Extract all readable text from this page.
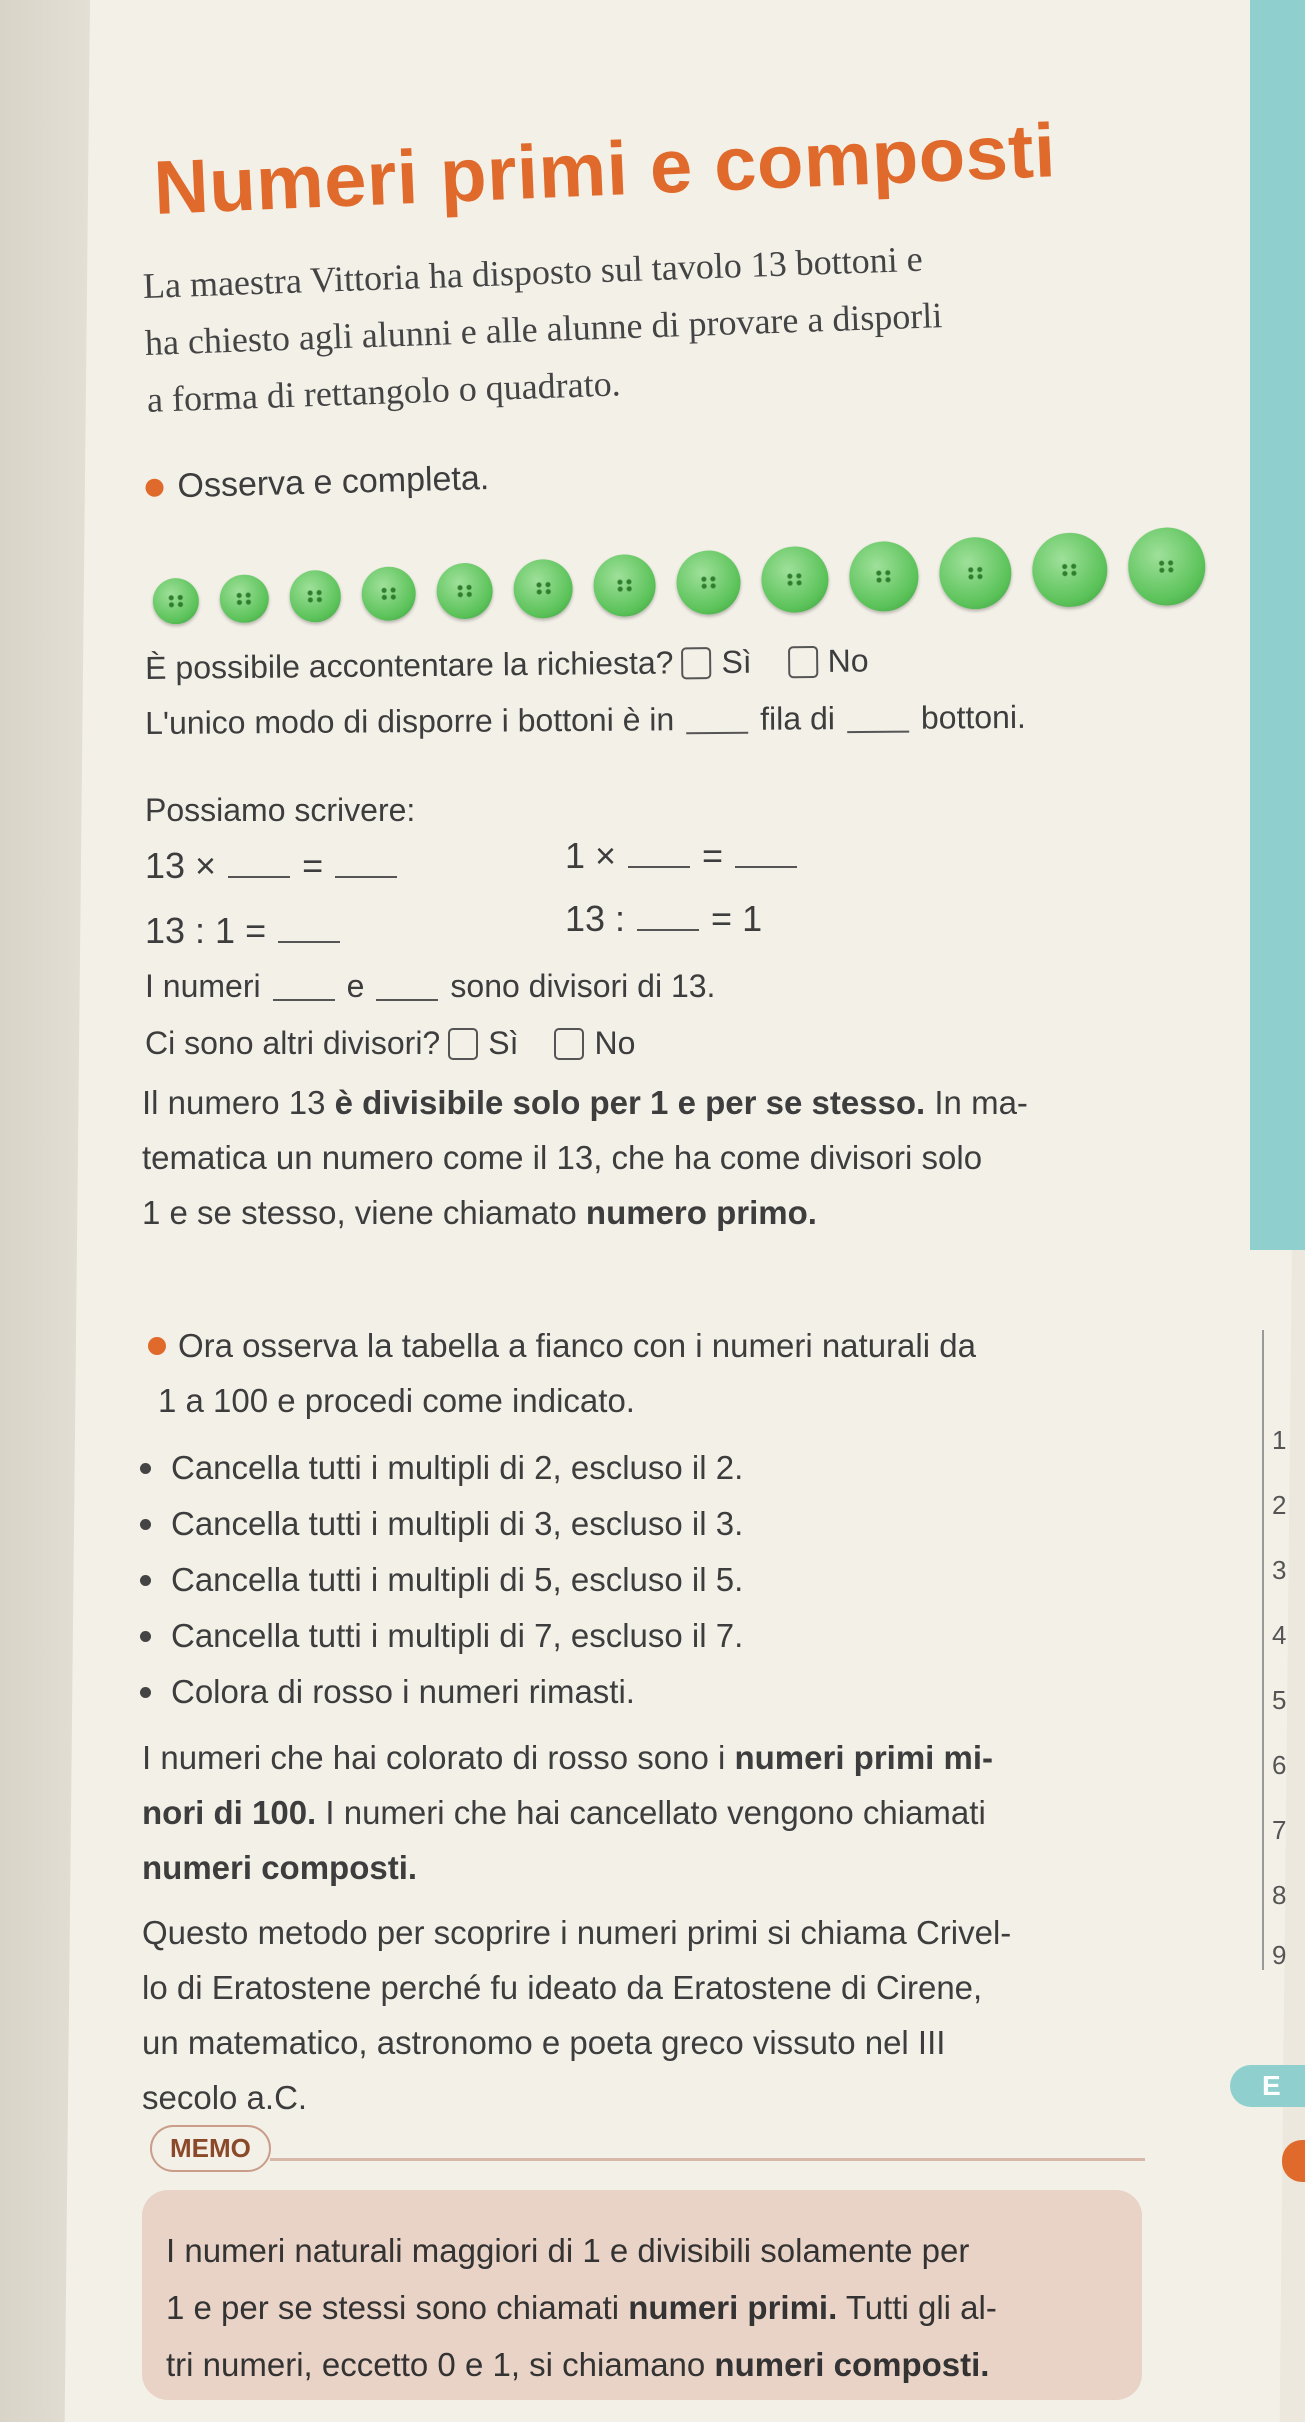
Numeri primi e composti
La maestra Vittoria ha disposto sul tavolo 13 bottoni e
ha chiesto agli alunni e alle alunne di provare a disporli
a forma di rettangolo o quadrato.
Osserva e completa.
È possibile accontentare la richiesta? Sì No
L'unico modo di disporre i bottoni è in	fila di	bottoni.
Possiamo scrivere:
13 × =	1 × =
13 : 1 =	13 : = 1
I numeri	e	sono divisori di 13.
Ci sono altri divisori? Sì No
Il numero 13 è divisibile solo per 1 e per se stesso. In ma-
tematica un numero come il 13, che ha come divisori solo
1 e se stesso, viene chiamato numero primo.
Ora osserva la tabella a fianco con i numeri naturali da
1 a 100 e procedi come indicato.
Cancella tutti i multipli di 2, escluso il 2.
Cancella tutti i multipli di 3, escluso il 3.
Cancella tutti i multipli di 5, escluso il 5.
Cancella tutti i multipli di 7, escluso il 7.
Colora di rosso i numeri rimasti.
I numeri che hai colorato di rosso sono i numeri primi mi-
nori di 100. I numeri che hai cancellato vengono chiamati
numeri composti.
Questo metodo per scoprire i numeri primi si chiama Crivel-
lo di Eratostene perché fu ideato da Eratostene di Cirene,
un matematico, astronomo e poeta greco vissuto nel III
secolo a.C.
MEMO
I numeri naturali maggiori di 1 e divisibili solamente per
1 e per se stessi sono chiamati numeri primi. Tutti gli al-
tri numeri, eccetto 0 e 1, si chiamano numeri composti.
1
2
3
4
5
6
7
8
9
E
